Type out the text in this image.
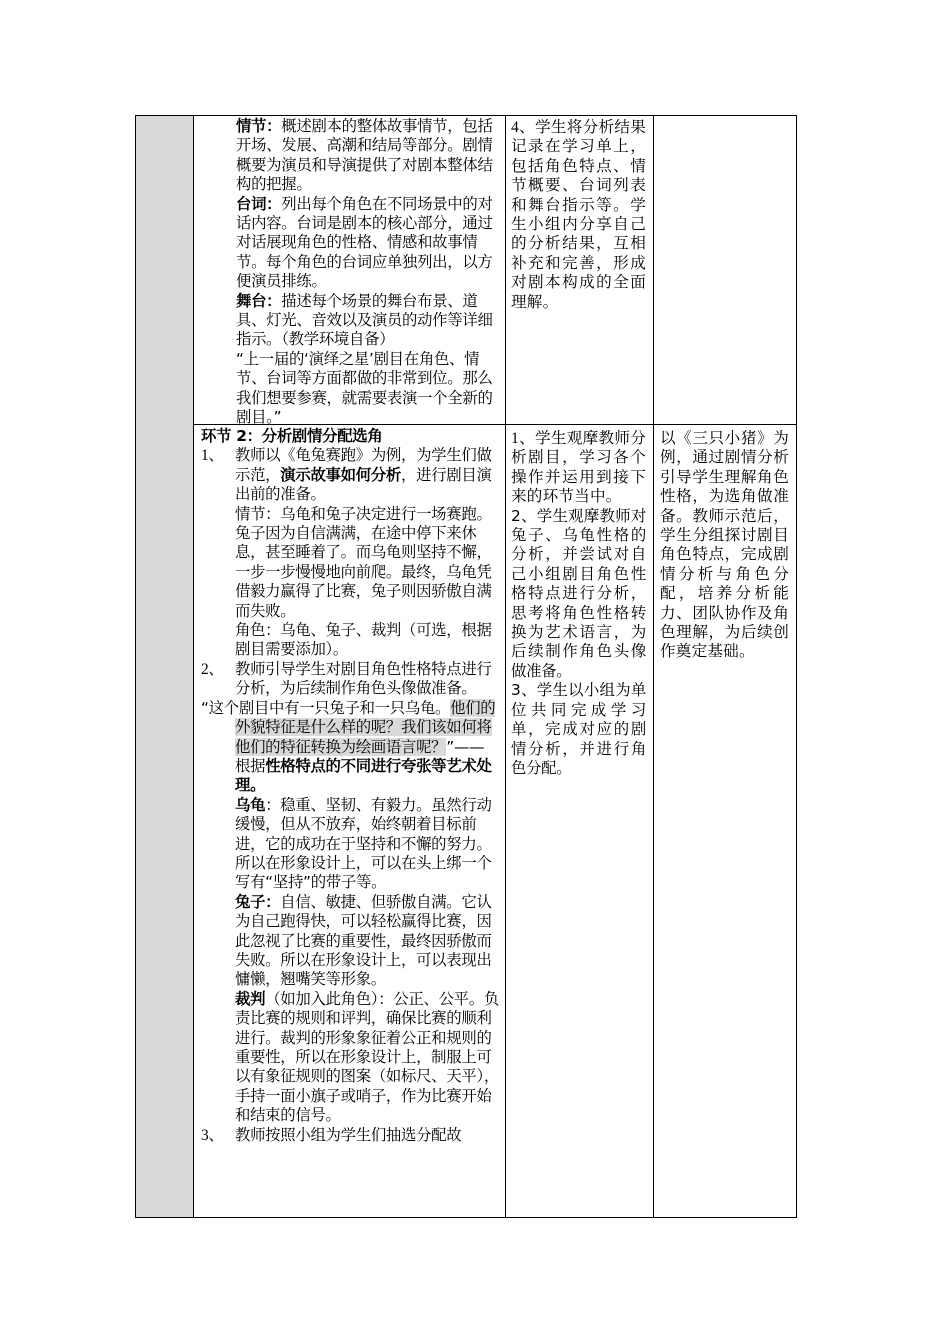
情节：概述剧本的整体故事情节，包括开场、发展、高潮和结局等部分。剧情概要为演员和导演提供了对剧本整体结构的把握。

台词：列出每个角色在不同场景中的对话内容。台词是剧本的核心部分，通过对话展现角色的性格、情感和故事情节。每个角色的台词应单独列出，以方便演员排练。

舞台：描述每个场景的舞台布景、道具、灯光、音效以及演员的动作等详细指示。（教学环境自备）

“上一届的‘演绎之星’剧目在角色、情节、台词等方面都做的非常到位。那么我们想要参赛，就需要表演一个全新的剧目。”

4、学生将分析结果记录在学习单上，包括角色特点、情节概要、台词列表和舞台指示等。学生小组内分享自己的分析结果，互相补充和完善，形成对剧本构成的全面理解。

环节 2：分析剧情分配选角

1、 教师以《龟兔赛跑》为例，为学生们做示范，演示故事如何分析，进行剧目演出前的准备。

情节：乌龟和兔子决定进行一场赛跑。兔子因为自信满满，在途中停下来休息，甚至睡着了。而乌龟则坚持不懈，一步一步慢慢地向前爬。最终，乌龟凭借毅力赢得了比赛，兔子则因骄傲自满而失败。

角色：乌龟、兔子、裁判（可选，根据剧目需要添加）。

2、 教师引导学生对剧目角色性格特点进行分析，为后续制作角色头像做准备。

“这个剧目中有一只兔子和一只乌龟。他们的外貌特征是什么样的呢？我们该如何将他们的特征转换为绘画语言呢？”——根据性格特点的不同进行夸张等艺术处理。

乌龟：稳重、坚韧、有毅力。虽然行动缓慢，但从不放弃，始终朝着目标前进，它的成功在于坚持和不懈的努力。所以在形象设计上，可以在头上绑一个写有“坚持”的带子等。

兔子：自信、敏捷、但骄傲自满。它认为自己跑得快，可以轻松赢得比赛，因此忽视了比赛的重要性，最终因骄傲而失败。所以在形象设计上，可以表现出慵懒，翘嘴笑等形象。

裁判（如加入此角色）：公正、公平。负责比赛的规则和评判，确保比赛的顺利进行。裁判的形象象征着公正和规则的重要性，所以在形象设计上，制服上可以有象征规则的图案（如标尺、天平），手持一面小旗子或哨子，作为比赛开始和结束的信号。

3、 教师按照小组为学生们抽选分配故

1、学生观摩教师分析剧目，学习各个操作并运用到接下来的环节当中。

2、学生观摩教师对兔子、乌龟性格的分析，并尝试对自己小组剧目角色性格特点进行分析，思考将角色性格转换为艺术语言，为后续制作角色头像做准备。

3、学生以小组为单位共同完成学习单，完成对应的剧情分析，并进行角色分配。

以《三只小猪》为例，通过剧情分析引导学生理解角色性格，为选角做准备。教师示范后，学生分组探讨剧目角色特点，完成剧情分析与角色分配，培养分析能力、团队协作及角色理解，为后续创作奠定基础。
